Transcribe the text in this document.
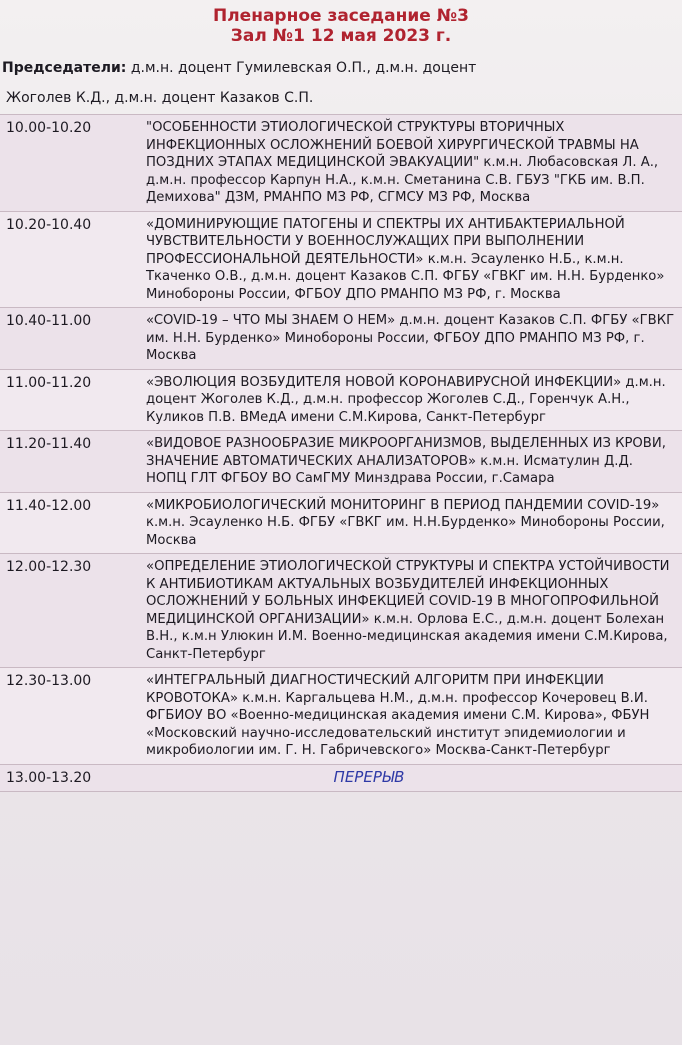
Пленарное заседание №3
Зал №1 12 мая 2023 г.
Председатели: д.м.н. доцент Гумилевская О.П., д.м.н. доцент
Жоголев К.Д., д.м.н. доцент Казаков С.П.
10.00-10.20	"ОСОБЕННОСТИ ЭТИОЛОГИЧЕСКОЙ СТРУКТУРЫ ВТОРИЧНЫХ ИНФЕКЦИОННЫХ ОСЛОЖНЕНИЙ БОЕВОЙ ХИРУРГИЧЕСКОЙ ТРАВМЫ НА ПОЗДНИХ ЭТАПАХ МЕДИЦИНСКОЙ ЭВАКУАЦИИ" к.м.н. Любасовская Л. А., д.м.н. профессор Карпун Н.А., к.м.н. Сметанина С.В. ГБУЗ "ГКБ им. В.П. Демихова" ДЗМ, РМАНПО МЗ РФ, СГМСУ МЗ РФ, Москва
10.20-10.40	«ДОМИНИРУЮЩИЕ ПАТОГЕНЫ И СПЕКТРЫ ИХ АНТИБАКТЕРИАЛЬНОЙ ЧУВСТВИТЕЛЬНОСТИ У ВОЕННОСЛУЖАЩИХ ПРИ ВЫПОЛНЕНИИ ПРОФЕССИОНАЛЬНОЙ ДЕЯТЕЛЬНОСТИ» к.м.н. Эсауленко Н.Б., к.м.н. Ткаченко О.В., д.м.н. доцент Казаков С.П. ФГБУ «ГВКГ им. Н.Н. Бурденко» Минобороны России, ФГБОУ ДПО РМАНПО МЗ РФ, г. Москва
10.40-11.00	«COVID-19 – ЧТО МЫ ЗНАЕМ О НЕМ» д.м.н. доцент Казаков С.П. ФГБУ «ГВКГ им. Н.Н. Бурденко» Минобороны России, ФГБОУ ДПО РМАНПО МЗ РФ, г. Москва
11.00-11.20	«ЭВОЛЮЦИЯ ВОЗБУДИТЕЛЯ НОВОЙ КОРОНАВИРУСНОЙ ИНФЕКЦИИ» д.м.н. доцент Жоголев К.Д., д.м.н. профессор Жоголев С.Д., Горенчук А.Н., Куликов П.В. ВМедА имени С.М.Кирова, Санкт-Петербург
11.20-11.40	«ВИДОВОЕ РАЗНООБРАЗИЕ МИКРООРГАНИЗМОВ, ВЫДЕЛЕННЫХ ИЗ КРОВИ, ЗНАЧЕНИЕ АВТОМАТИЧЕСКИХ АНАЛИЗАТОРОВ» к.м.н. Исматулин Д.Д. НОПЦ ГЛТ ФГБОУ ВО СамГМУ Минздрава России, г.Самара
11.40-12.00	«МИКРОБИОЛОГИЧЕСКИЙ МОНИТОРИНГ В ПЕРИОД ПАНДЕМИИ COVID-19» к.м.н. Эсауленко Н.Б. ФГБУ «ГВКГ им. Н.Н.Бурденко» Минобороны России, Москва
12.00-12.30	«ОПРЕДЕЛЕНИЕ ЭТИОЛОГИЧЕСКОЙ СТРУКТУРЫ И СПЕКТРА УСТОЙЧИВОСТИ К АНТИБИОТИКАМ АКТУАЛЬНЫХ ВОЗБУДИТЕЛЕЙ ИНФЕКЦИОННЫХ ОСЛОЖНЕНИЙ У БОЛЬНЫХ ИНФЕКЦИЕЙ COVID-19 В МНОГОПРОФИЛЬНОЙ МЕДИЦИНСКОЙ ОРГАНИЗАЦИИ» к.м.н. Орлова Е.С., д.м.н. доцент Болехан В.Н., к.м.н Улюкин И.М. Военно-медицинская академия имени С.М.Кирова, Санкт-Петербург
12.30-13.00	«ИНТЕГРАЛЬНЫЙ ДИАГНОСТИЧЕСКИЙ АЛГОРИТМ ПРИ ИНФЕКЦИИ КРОВОТОКА» к.м.н. Каргальцева Н.М., д.м.н. профессор Кочеровец В.И. ФГБИОУ ВО «Военно-медицинская академия имени С.М. Кирова», ФБУН «Московский научно-исследовательский институт эпидемиологии и микробиологии им. Г. Н. Габричевского» Москва-Санкт-Петербург
13.00-13.20	ПЕРЕРЫВ
